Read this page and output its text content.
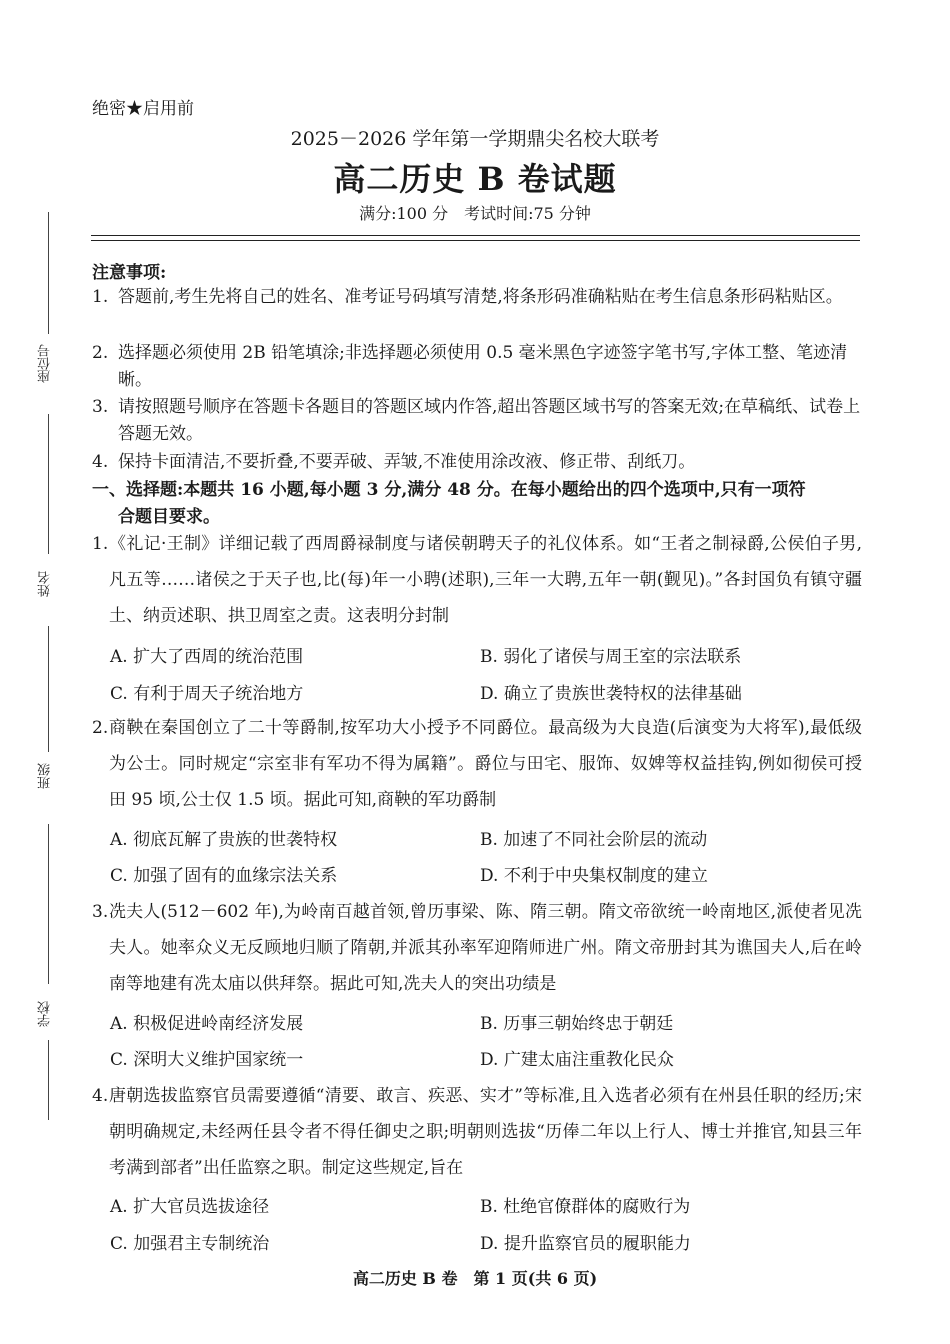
座位号
姓名
班级
学校
绝密★启用前
2025－2026 学年第一学期鼎尖名校大联考
高二历史 B 卷试题
满分:100 分　考试时间:75 分钟
注意事项:
1. 答题前,考生先将自己的姓名、准考证号码填写清楚,将条形码准确粘贴在考生信息条形码粘贴区。
2. 选择题必须使用 2B 铅笔填涂;非选择题必须使用 0.5 毫米黑色字迹签字笔书写,字体工整、笔迹清晰。
3. 请按照题号顺序在答题卡各题目的答题区域内作答,超出答题区域书写的答案无效;在草稿纸、试卷上答题无效。
4. 保持卡面清洁,不要折叠,不要弄破、弄皱,不准使用涂改液、修正带、刮纸刀。
一、选择题:本题共 16 小题,每小题 3 分,满分 48 分。在每小题给出的四个选项中,只有一项符
合题目要求。
1. 《礼记·王制》详细记载了西周爵禄制度与诸侯朝聘天子的礼仪体系。如“王者之制禄爵,公侯伯子男,凡五等……诸侯之于天子也,比(每)年一小聘(述职),三年一大聘,五年一朝(觐见)。”各封国负有镇守疆土、纳贡述职、拱卫周室之责。这表明分封制
A. 扩大了西周的统治范围	B. 弱化了诸侯与周王室的宗法联系
C. 有利于周天子统治地方	D. 确立了贵族世袭特权的法律基础
2. 商鞅在秦国创立了二十等爵制,按军功大小授予不同爵位。最高级为大良造(后演变为大将军),最低级为公士。同时规定“宗室非有军功不得为属籍”。爵位与田宅、服饰、奴婢等权益挂钩,例如彻侯可授田 95 顷,公士仅 1.5 顷。据此可知,商鞅的军功爵制
A. 彻底瓦解了贵族的世袭特权	B. 加速了不同社会阶层的流动
C. 加强了固有的血缘宗法关系	D. 不利于中央集权制度的建立
3. 冼夫人(512－602 年),为岭南百越首领,曾历事梁、陈、隋三朝。隋文帝欲统一岭南地区,派使者见冼夫人。她率众义无反顾地归顺了隋朝,并派其孙率军迎隋师进广州。隋文帝册封其为谯国夫人,后在岭南等地建有冼太庙以供拜祭。据此可知,冼夫人的突出功绩是
A. 积极促进岭南经济发展	B. 历事三朝始终忠于朝廷
C. 深明大义维护国家统一	D. 广建太庙注重教化民众
4. 唐朝选拔监察官员需要遵循“清要、敢言、疾恶、实才”等标准,且入选者必须有在州县任职的经历;宋朝明确规定,未经两任县令者不得任御史之职;明朝则选拔“历俸二年以上行人、博士并推官,知县三年考满到部者”出任监察之职。制定这些规定,旨在
A. 扩大官员选拔途径	B. 杜绝官僚群体的腐败行为
C. 加强君主专制统治	D. 提升监察官员的履职能力
高二历史 B 卷　第 1 页(共 6 页)
